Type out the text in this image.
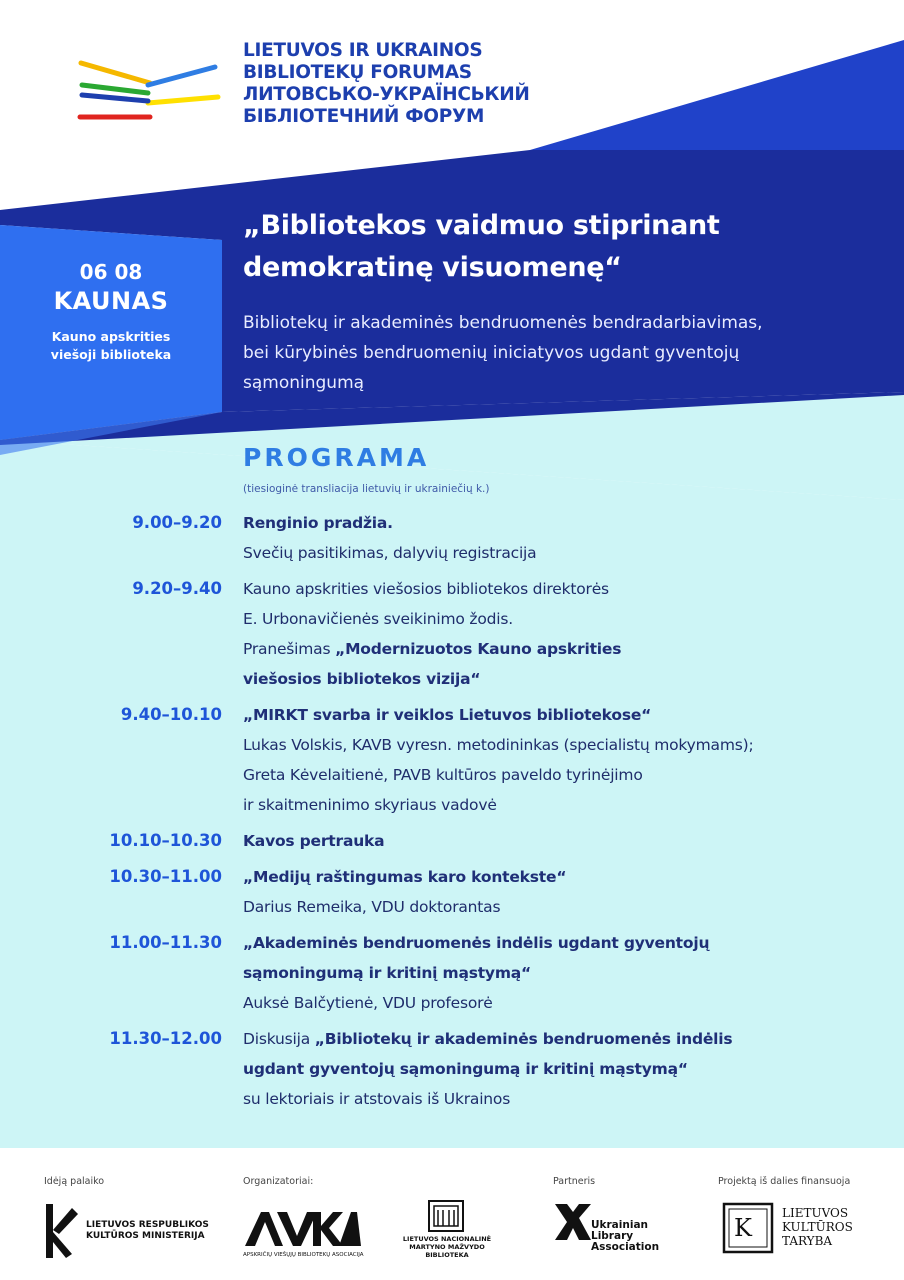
LIETUVOS IR UKRAINOS
BIBLIOTEKŲ FORUMAS
ЛИТОВСЬКО-УКРАЇНСЬКИЙ
БІБЛІОТЕЧНИЙ ФОРУМ
06 08
KAUNAS
Kauno apskrities
viešoji biblioteka
„Bibliotekos vaidmuo stiprinant
demokratinę visuomenę“
Bibliotekų ir akademinės bendruomenės bendradarbiavimas,
bei kūrybinės bendruomenių iniciatyvos ugdant gyventojų
sąmoningumą
PROGRAMA
(tiesioginė transliacija lietuvių ir ukrainiečių k.)
9.00–9.20 Renginio pradžia.
Svečių pasitikimas, dalyvių registracija
9.20–9.40 Kauno apskrities viešosios bibliotekos direktorės
E. Urbonavičienės sveikinimo žodis.
Pranešimas „Modernizuotos Kauno apskrities
viešosios bibliotekos vizija“
9.40–10.10 „MIRKT svarba ir veiklos Lietuvos bibliotekose“
Lukas Volskis, KAVB vyresn. metodininkas (specialistų mokymams);
Greta Kėvelaitienė, PAVB kultūros paveldo tyrinėjimo
ir skaitmeninimo skyriaus vadovė
10.10–10.30 Kavos pertrauka
10.30–11.00 „Medijų raštingumas karo kontekste“
Darius Remeika, VDU doktorantas
11.00–11.30 „Akademinės bendruomenės indėlis ugdant gyventojų
sąmoningumą ir kritinį mąstymą“
Auksė Balčytienė, VDU profesorė
11.30–12.00 Diskusija „Bibliotekų ir akademinės bendruomenės indėlis
ugdant gyventojų sąmoningumą ir kritinį mąstymą“
su lektoriais ir atstovais iš Ukrainos
Idėją palaiko	Organizatoriai:	Partneris	Projektą iš dalies finansuoja
LIETUVOS RESPUBLIKOS
KULTŪROS MINISTERIJA
APSKRIČIŲ VIEŠŲJŲ BIBLIOTEKŲ ASOCIACIJA
LIETUVOS NACIONALINĖ
MARTYNO MAŽVYDO
BIBLIOTEKA
Ukrainian
Library
Association
K
LIETUVOS
KULTŪROS
TARYBA
